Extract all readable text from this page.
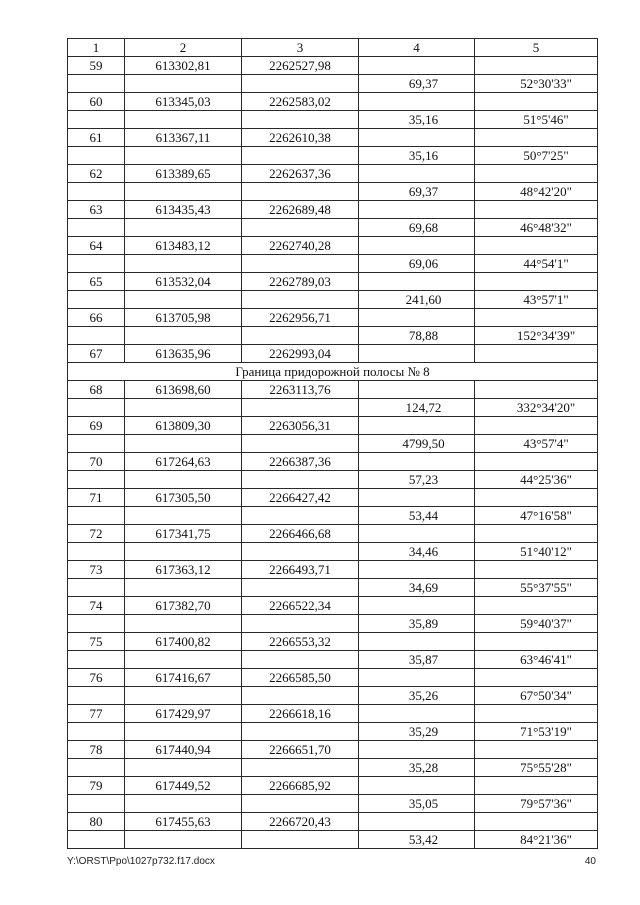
1	2	3	4	5
59	613302,81	2262527,98		
			69,37	52°30'33"
60	613345,03	2262583,02		
			35,16	51°5'46"
61	613367,11	2262610,38		
			35,16	50°7'25"
62	613389,65	2262637,36		
			69,37	48°42'20"
63	613435,43	2262689,48		
			69,68	46°48'32"
64	613483,12	2262740,28		
			69,06	44°54'1"
65	613532,04	2262789,03		
			241,60	43°57'1"
66	613705,98	2262956,71		
			78,88	152°34'39"
67	613635,96	2262993,04		
Граница придорожной полосы № 8				
68	613698,60	2263113,76		
			124,72	332°34'20"
69	613809,30	2263056,31		
			4799,50	43°57'4"
70	617264,63	2266387,36		
			57,23	44°25'36"
71	617305,50	2266427,42		
			53,44	47°16'58"
72	617341,75	2266466,68		
			34,46	51°40'12"
73	617363,12	2266493,71		
			34,69	55°37'55"
74	617382,70	2266522,34		
			35,89	59°40'37"
75	617400,82	2266553,32		
			35,87	63°46'41"
76	617416,67	2266585,50		
			35,26	67°50'34"
77	617429,97	2266618,16		
			35,29	71°53'19"
78	617440,94	2266651,70		
			35,28	75°55'28"
79	617449,52	2266685,92		
			35,05	79°57'36"
80	617455,63	2266720,43		
			53,42	84°21'36"
Y:\ORST\Ppo\1027p732.f17.docx	40
